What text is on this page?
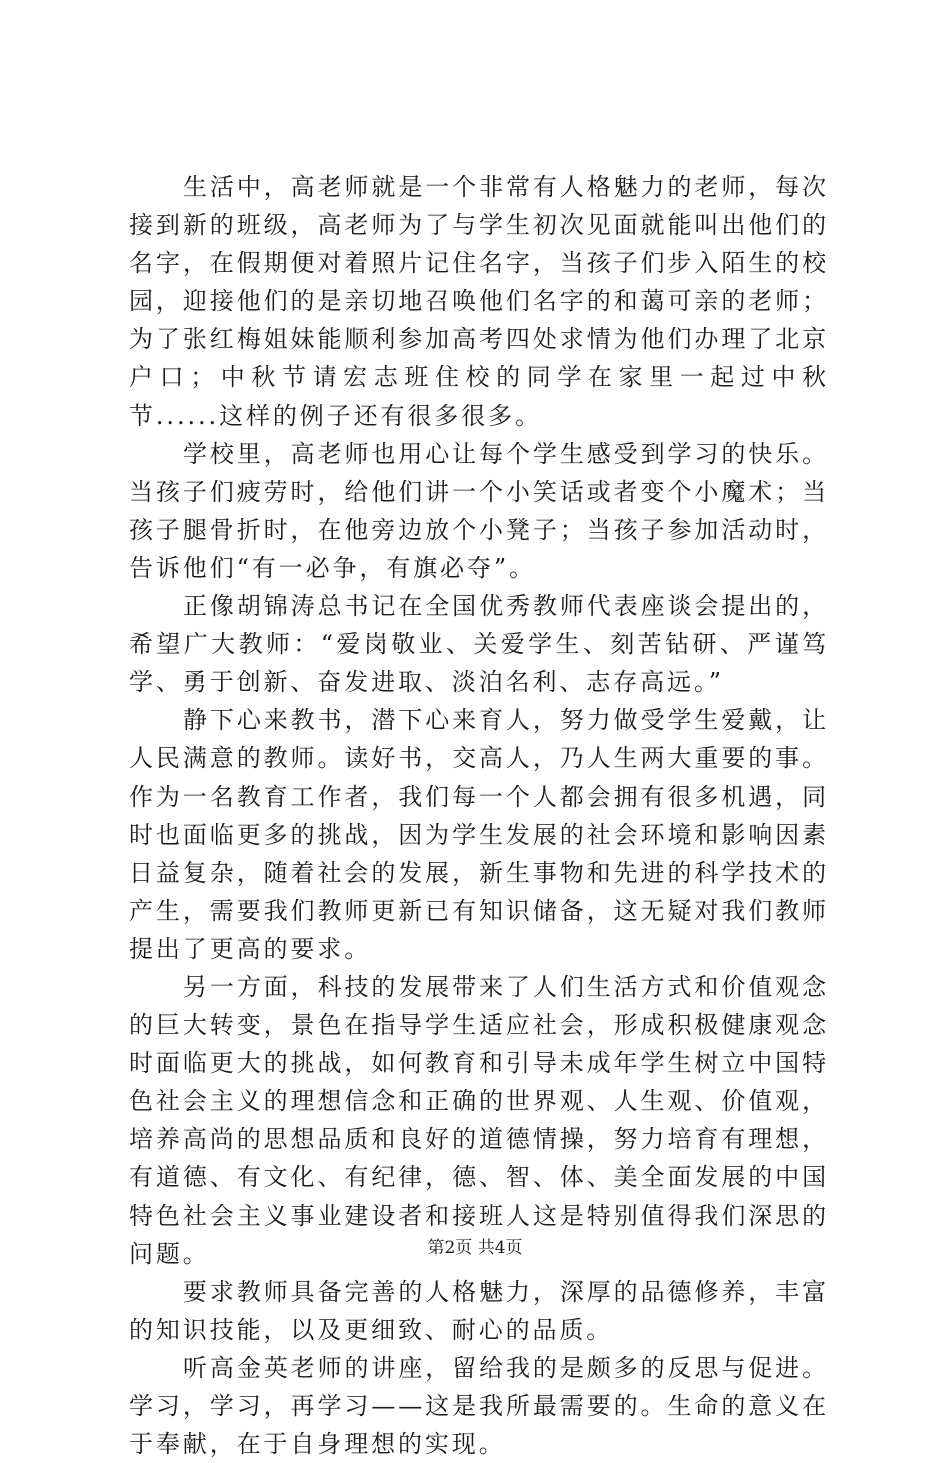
生活中，高老师就是一个非常有人格魅力的老师，每次接到新的班级，高老师为了与学生初次见面就能叫出他们的名字，在假期便对着照片记住名字，当孩子们步入陌生的校园，迎接他们的是亲切地召唤他们名字的和蔼可亲的老师；为了张红梅姐妹能顺利参加高考四处求情为他们办理了北京户口；中秋节请宏志班住校的同学在家里一起过中秋节......这样的例子还有很多很多。

学校里，高老师也用心让每个学生感受到学习的快乐。当孩子们疲劳时，给他们讲一个小笑话或者变个小魔术；当孩子腿骨折时，在他旁边放个小凳子；当孩子参加活动时，告诉他们“有一必争，有旗必夺”。

正像胡锦涛总书记在全国优秀教师代表座谈会提出的，希望广大教师：“爱岗敬业、关爱学生、刻苦钻研、严谨笃学、勇于创新、奋发进取、淡泊名利、志存高远。”

静下心来教书，潜下心来育人，努力做受学生爱戴，让人民满意的教师。读好书，交高人，乃人生两大重要的事。作为一名教育工作者，我们每一个人都会拥有很多机遇，同时也面临更多的挑战，因为学生发展的社会环境和影响因素日益复杂，随着社会的发展，新生事物和先进的科学技术的产生，需要我们教师更新已有知识储备，这无疑对我们教师提出了更高的要求。

另一方面，科技的发展带来了人们生活方式和价值观念的巨大转变，景色在指导学生适应社会，形成积极健康观念时面临更大的挑战，如何教育和引导未成年学生树立中国特色社会主义的理想信念和正确的世界观、人生观、价值观，培养高尚的思想品质和良好的道德情操，努力培育有理想，有道德、有文化、有纪律，德、智、体、美全面发展的中国特色社会主义事业建设者和接班人这是特别值得我们深思的问题。

要求教师具备完善的人格魅力，深厚的品德修养，丰富的知识技能，以及更细致、耐心的品质。

听高金英老师的讲座，留给我的是颇多的反思与促进。学习，学习，再学习——这是我所最需要的。生命的意义在于奉献，在于自身理想的实现。

第2页 共4页
